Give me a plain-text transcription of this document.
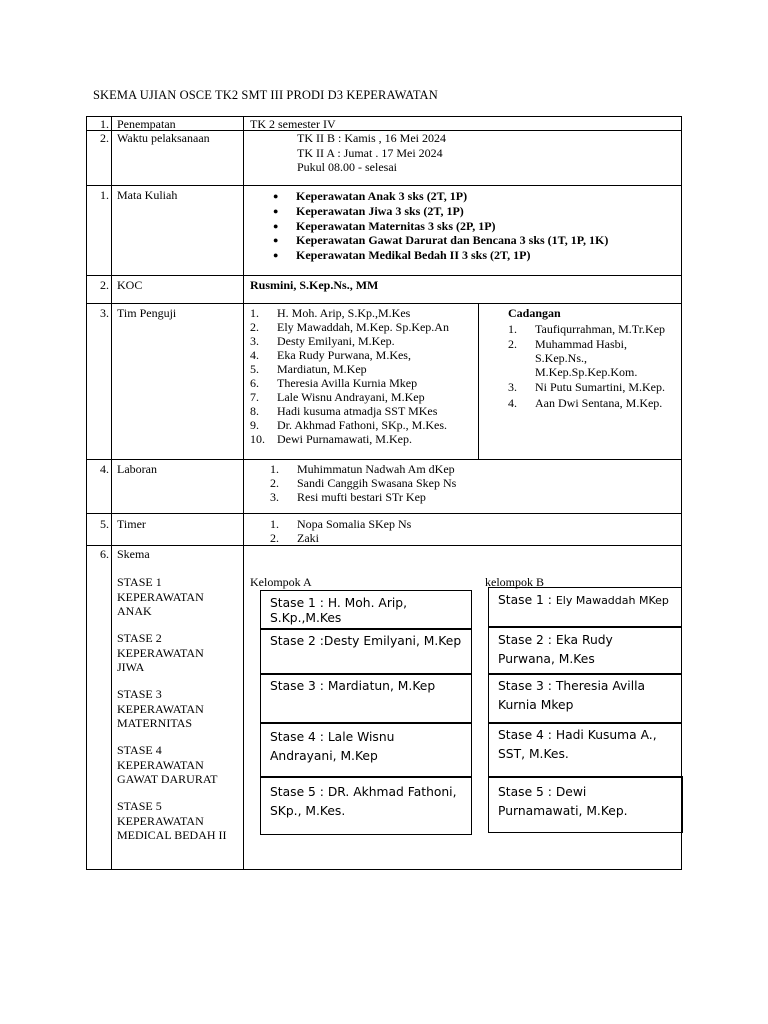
SKEMA UJIAN OSCE TK2 SMT III PRODI D3 KEPERAWATAN
1. Penempatan	TK 2 semester IV
2. Waktu pelaksanaan	TK II B : Kamis , 16 Mei 2024
TK II A : Jumat . 17 Mei 2024
Pukul 08.00 - selesai
1. Mata Kuliah
●	Keperawatan Anak 3 sks (2T, 1P)
● Keperawatan Jiwa 3 sks (2T, 1P)
● Keperawatan Maternitas 3 sks (2P, 1P)
● Keperawatan Gawat Darurat dan Bencana 3 sks (1T, 1P, 1K)
● Keperawatan Medikal Bedah II 3 sks (2T, 1P)
2. KOC	Rusmini, S.Kep.Ns., MM
3. Tim Penguji	1. H. Moh. Arip, S.Kp.,M.Kes
2. Ely Mawaddah, M.Kep. Sp.Kep.An
3. Desty Emilyani, M.Kep.
4. Eka Rudy Purwana, M.Kes,
5. Mardiatun, M.Kep
6. Theresia Avilla Kurnia Mkep
7. Lale Wisnu Andrayani, M.Kep
8. Hadi kusuma atmadja SST MKes
9. Dr. Akhmad Fathoni, SKp., M.Kes.
10. Dewi Purnamawati, M.Kep.
Cadangan
1. Taufiqurrahman, M.Tr.Kep
2. Muhammad Hasbi, S.Kep.Ns., M.Kep.Sp.Kep.Kom.
3. Ni Putu Sumartini, M.Kep.
4. Aan Dwi Sentana, M.Kep.
4. Laboran	1. Muhimmatun Nadwah Am dKep
2. Sandi Canggih Swasana Skep Ns
3. Resi mufti bestari STr Kep
5. Timer	1. Nopa Somalia SKep Ns
2. Zaki
6. Skema
STASE 1
KEPERAWATAN
ANAK
STASE 2
KEPERAWATAN
JIWA
STASE 3
KEPERAWATAN
MATERNITAS
STASE 4
KEPERAWATAN
GAWAT DARURAT
STASE 5
KEPERAWATAN
MEDICAL BEDAH II
Kelompok A	kelompok B
Stase 1 : H. Moh. Arip, S.Kp.,M.Kes
Stase 2 :Desty Emilyani, M.Kep
Stase 3 : Mardiatun, M.Kep
Stase 4 : Lale Wisnu Andrayani, M.Kep
Stase 5 : DR. Akhmad Fathoni, SKp., M.Kes.
Stase 1 : Ely Mawaddah MKep
Stase 2 : Eka Rudy Purwana, M.Kes
Stase 3 : Theresia Avilla Kurnia Mkep
Stase 4 : Hadi Kusuma A., SST, M.Kes.
Stase 5 : Dewi Purnamawati, M.Kep.
